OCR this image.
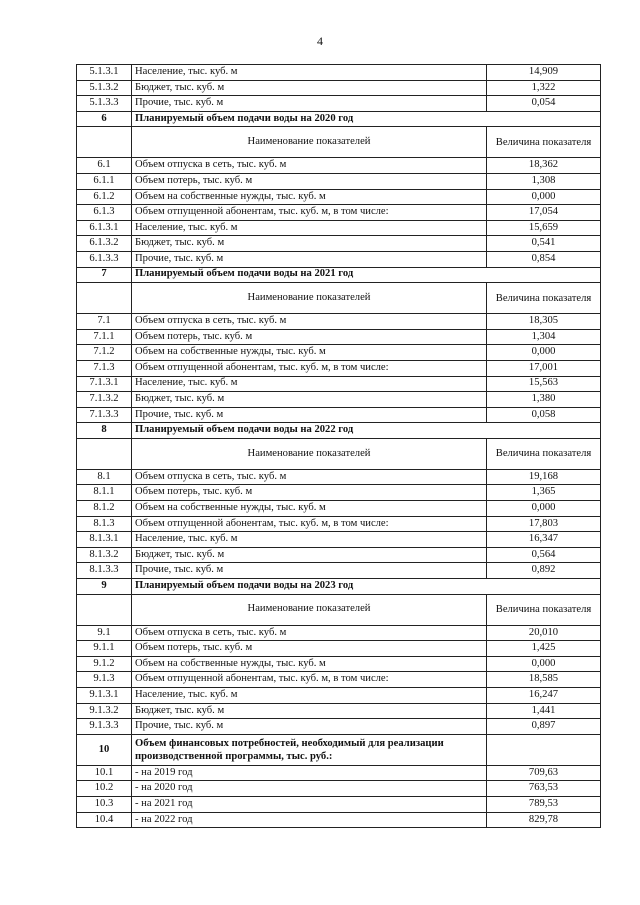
4
5.1.3.1	Население, тыс. куб. м	14,909
5.1.3.2	Бюджет, тыс. куб. м	1,322
5.1.3.3	Прочие, тыс. куб. м	0,054
6	Планируемый объем подачи воды на 2020 год	
	Наименование показателей	Величина показателя
6.1	Объем отпуска в сеть, тыс. куб. м	18,362
6.1.1	Объем потерь, тыс. куб. м	1,308
6.1.2	Объем на собственные нужды, тыс. куб. м	0,000
6.1.3	Объем отпущенной абонентам, тыс. куб. м, в том числе:	17,054
6.1.3.1	Население, тыс. куб. м	15,659
6.1.3.2	Бюджет, тыс. куб. м	0,541
6.1.3.3	Прочие, тыс. куб. м	0,854
7	Планируемый объем подачи воды на 2021 год	
	Наименование показателей	Величина показателя
7.1	Объем отпуска в сеть, тыс. куб. м	18,305
7.1.1	Объем потерь, тыс. куб. м	1,304
7.1.2	Объем на собственные нужды, тыс. куб. м	0,000
7.1.3	Объем отпущенной абонентам, тыс. куб. м, в том числе:	17,001
7.1.3.1	Население, тыс. куб. м	15,563
7.1.3.2	Бюджет, тыс. куб. м	1,380
7.1.3.3	Прочие, тыс. куб. м	0,058
8	Планируемый объем подачи воды на 2022 год	
	Наименование показателей	Величина показателя
8.1	Объем отпуска в сеть, тыс. куб. м	19,168
8.1.1	Объем потерь, тыс. куб. м	1,365
8.1.2	Объем на собственные нужды, тыс. куб. м	0,000
8.1.3	Объем отпущенной абонентам, тыс. куб. м, в том числе:	17,803
8.1.3.1	Население, тыс. куб. м	16,347
8.1.3.2	Бюджет, тыс. куб. м	0,564
8.1.3.3	Прочие, тыс. куб. м	0,892
9	Планируемый объем подачи воды на 2023 год	
	Наименование показателей	Величина показателя
9.1	Объем отпуска в сеть, тыс. куб. м	20,010
9.1.1	Объем потерь, тыс. куб. м	1,425
9.1.2	Объем на собственные нужды, тыс. куб. м	0,000
9.1.3	Объем отпущенной абонентам, тыс. куб. м, в том числе:	18,585
9.1.3.1	Население, тыс. куб. м	16,247
9.1.3.2	Бюджет, тыс. куб. м	1,441
9.1.3.3	Прочие, тыс. куб. м	0,897
10	Объем финансовых потребностей, необходимый для реализации производственной программы, тыс. руб.:	
10.1	- на 2019 год	709,63
10.2	- на 2020 год	763,53
10.3	- на 2021 год	789,53
10.4	- на 2022 год	829,78
